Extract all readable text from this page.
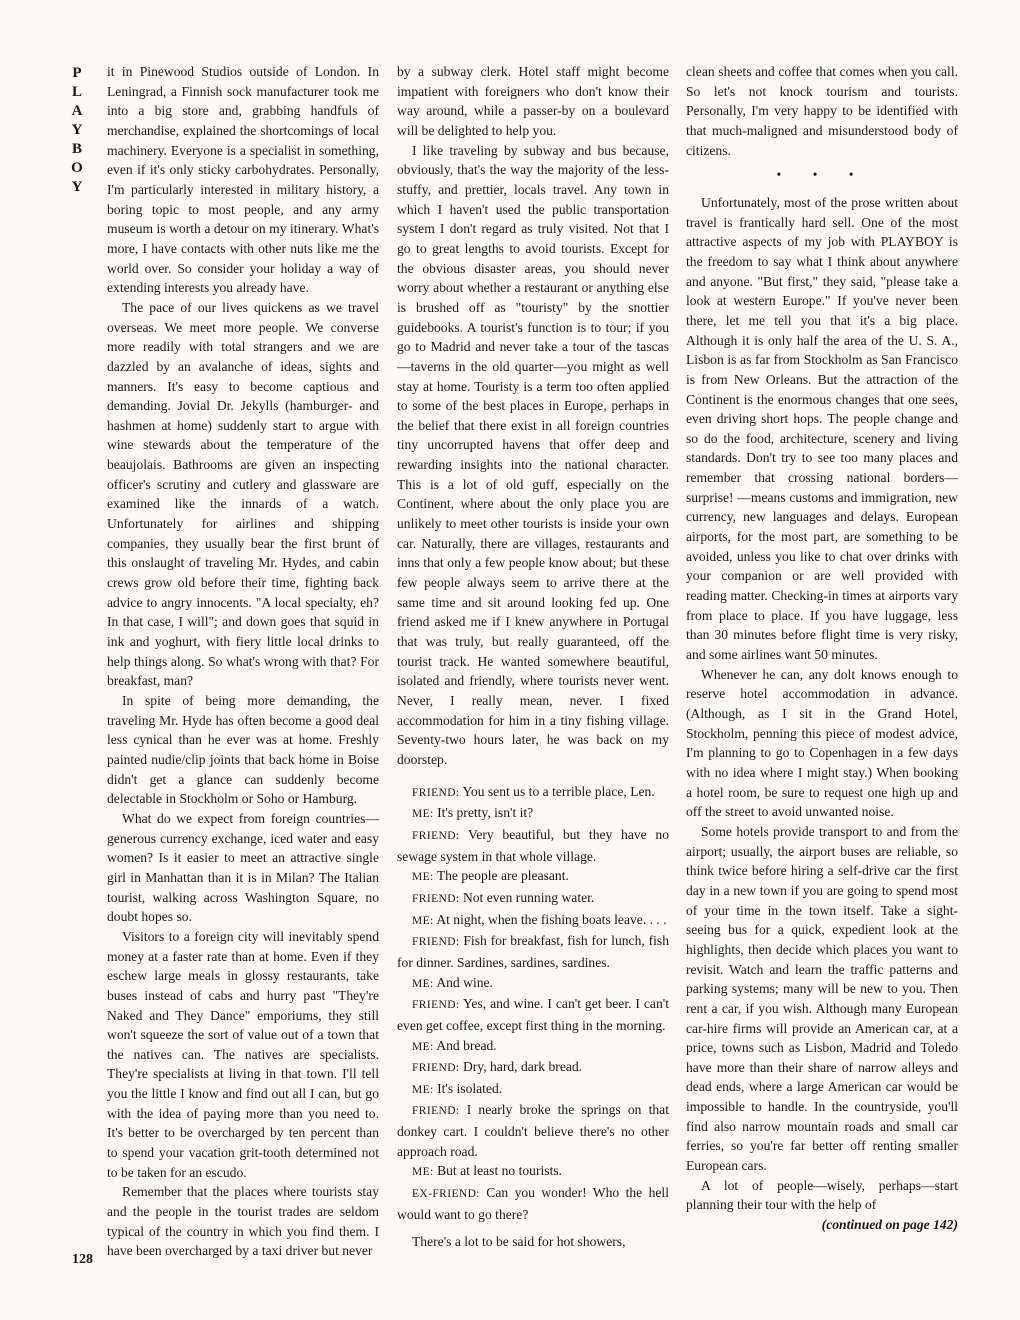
P
L
A
Y
B
O
Y

it in Pinewood Studios outside of London. In Leningrad, a Finnish sock manufacturer took me into a big store and, grabbing handfuls of merchandise, explained the shortcomings of local machinery. Everyone is a specialist in something, even if it's only sticky carbohydrates. Personally, I'm particularly interested in military history, a boring topic to most people, and any army museum is worth a detour on my itinerary. What's more, I have contacts with other nuts like me the world over. So consider your holiday a way of extending interests you already have.

The pace of our lives quickens as we travel overseas. We meet more people. We converse more readily with total strangers and we are dazzled by an avalanche of ideas, sights and manners. It's easy to become captious and demanding. Jovial Dr. Jekylls (hamburger- and hashmen at home) suddenly start to argue with wine stewards about the temperature of the beaujolais. Bathrooms are given an inspecting officer's scrutiny and cutlery and glassware are examined like the innards of a watch. Unfortunately for airlines and shipping companies, they usually bear the first brunt of this onslaught of traveling Mr. Hydes, and cabin crews grow old before their time, fighting back advice to angry innocents. "A local specialty, eh? In that case, I will"; and down goes that squid in ink and yoghurt, with fiery little local drinks to help things along. So what's wrong with that? For breakfast, man?

In spite of being more demanding, the traveling Mr. Hyde has often become a good deal less cynical than he ever was at home. Freshly painted nudie/clip joints that back home in Boise didn't get a glance can suddenly become delectable in Stockholm or Soho or Hamburg.

What do we expect from foreign countries—generous currency exchange, iced water and easy women? Is it easier to meet an attractive single girl in Manhattan than it is in Milan? The Italian tourist, walking across Washington Square, no doubt hopes so.

Visitors to a foreign city will inevitably spend money at a faster rate than at home. Even if they eschew large meals in glossy restaurants, take buses instead of cabs and hurry past "They're Naked and They Dance" emporiums, they still won't squeeze the sort of value out of a town that the natives can. The natives are specialists. They're specialists at living in that town. I'll tell you the little I know and find out all I can, but go with the idea of paying more than you need to. It's better to be overcharged by ten percent than to spend your vacation grit-tooth determined not to be taken for an escudo.

Remember that the places where tourists stay and the people in the tourist trades are seldom typical of the country in which you find them. I have been overcharged by a taxi driver but never

by a subway clerk. Hotel staff might become impatient with foreigners who don't know their way around, while a passer-by on a boulevard will be delighted to help you.

I like traveling by subway and bus because, obviously, that's the way the majority of the less-stuffy, and prettier, locals travel. Any town in which I haven't used the public transportation system I don't regard as truly visited. Not that I go to great lengths to avoid tourists. Except for the obvious disaster areas, you should never worry about whether a restaurant or anything else is brushed off as "touristy" by the snottier guidebooks. A tourist's function is to tour; if you go to Madrid and never take a tour of the tascas—taverns in the old quarter—you might as well stay at home. Touristy is a term too often applied to some of the best places in Europe, perhaps in the belief that there exist in all foreign countries tiny uncorrupted havens that offer deep and rewarding insights into the national character. This is a lot of old guff, especially on the Continent, where about the only place you are unlikely to meet other tourists is inside your own car. Naturally, there are villages, restaurants and inns that only a few people know about; but these few people always seem to arrive there at the same time and sit around looking fed up. One friend asked me if I knew anywhere in Portugal that was truly, but really guaranteed, off the tourist track. He wanted somewhere beautiful, isolated and friendly, where tourists never went. Never, I really mean, never. I fixed accommodation for him in a tiny fishing village. Seventy-two hours later, he was back on my doorstep.

FRIEND: You sent us to a terrible place, Len.

ME: It's pretty, isn't it?

FRIEND: Very beautiful, but they have no sewage system in that whole village.

ME: The people are pleasant.

FRIEND: Not even running water.

ME: At night, when the fishing boats leave. . . .

FRIEND: Fish for breakfast, fish for lunch, fish for dinner. Sardines, sardines, sardines.

ME: And wine.

FRIEND: Yes, and wine. I can't get beer. I can't even get coffee, except first thing in the morning.

ME: And bread.

FRIEND: Dry, hard, dark bread.

ME: It's isolated.

FRIEND: I nearly broke the springs on that donkey cart. I couldn't believe there's no other approach road.

ME: But at least no tourists.

EX-FRIEND: Can you wonder! Who the hell would want to go there?

There's a lot to be said for hot showers,

clean sheets and coffee that comes when you call. So let's not knock tourism and tourists. Personally, I'm very happy to be identified with that much-maligned and misunderstood body of citizens.

• • •

Unfortunately, most of the prose written about travel is frantically hard sell. One of the most attractive aspects of my job with PLAYBOY is the freedom to say what I think about anywhere and anyone. "But first," they said, "please take a look at western Europe." If you've never been there, let me tell you that it's a big place. Although it is only half the area of the U. S. A., Lisbon is as far from Stockholm as San Francisco is from New Orleans. But the attraction of the Continent is the enormous changes that one sees, even driving short hops. The people change and so do the food, architecture, scenery and living standards. Don't try to see too many places and remember that crossing national borders—surprise! —means customs and immigration, new currency, new languages and delays. European airports, for the most part, are something to be avoided, unless you like to chat over drinks with your companion or are well provided with reading matter. Checking-in times at airports vary from place to place. If you have luggage, less than 30 minutes before flight time is very risky, and some airlines want 50 minutes.

Whenever he can, any dolt knows enough to reserve hotel accommodation in advance. (Although, as I sit in the Grand Hotel, Stockholm, penning this piece of modest advice, I'm planning to go to Copenhagen in a few days with no idea where I might stay.) When booking a hotel room, be sure to request one high up and off the street to avoid unwanted noise.

Some hotels provide transport to and from the airport; usually, the airport buses are reliable, so think twice before hiring a self-drive car the first day in a new town if you are going to spend most of your time in the town itself. Take a sight-seeing bus for a quick, expedient look at the highlights, then decide which places you want to revisit. Watch and learn the traffic patterns and parking systems; many will be new to you. Then rent a car, if you wish. Although many European car-hire firms will provide an American car, at a price, towns such as Lisbon, Madrid and Toledo have more than their share of narrow alleys and dead ends, where a large American car would be impossible to handle. In the countryside, you'll find also narrow mountain roads and small car ferries, so you're far better off renting smaller European cars.

A lot of people—wisely, perhaps—start planning their tour with the help of

(continued on page 142)

128
